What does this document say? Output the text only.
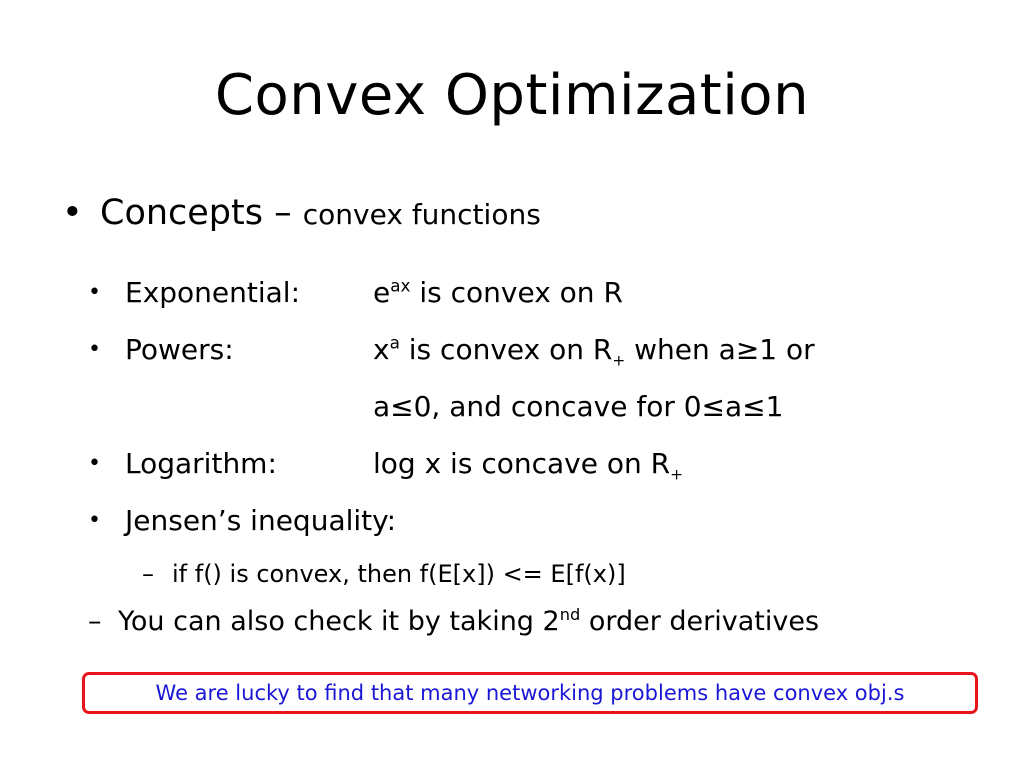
Convex Optimization
• Concepts – convex functions
• Exponential:	$e^{ax}$ is convex on R
• Powers:	$x^a$ is convex on $R_+$ when a≥1 or
a≤0, and concave for 0≤a≤1
• Logarithm:	log x is concave on $R_+$
• Jensen’s inequality:
– if f() is convex, then f(E[x]) <= E[f(x)]
– You can also check it by taking 2nd order derivatives
We are lucky to find that many networking problems have convex obj.s
